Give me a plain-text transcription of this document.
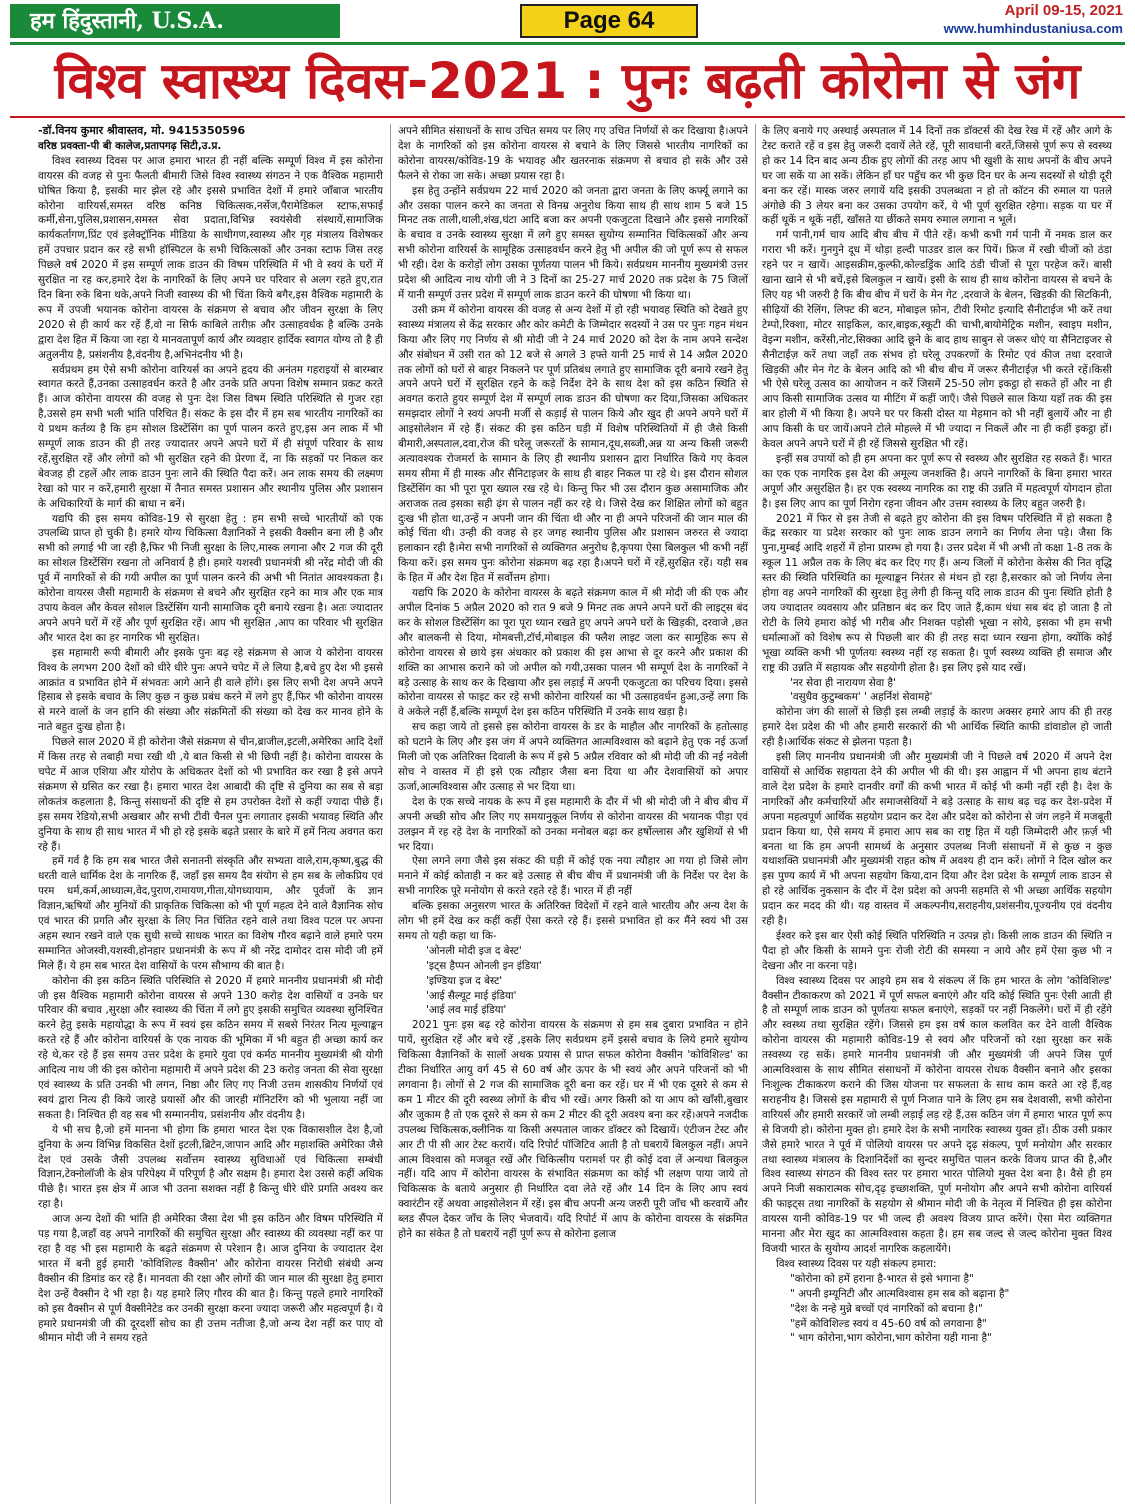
हम हिंदुस्तानी, U.S.A.	Page 64	April 09-15, 2021
www.humhindustaniusa.com
विश्व स्वास्थ्य दिवस-2021 : पुनः बढ़ती कोरोना से जंग

-डॉ.विनय कुमार श्रीवास्तव, मो. 9415350596

वरिष्ठ प्रवक्ता-पी बी कालेज,प्रतापगढ़ सिटी,उ.प्र.

विश्व स्वास्थ्य दिवस पर आज हमारा भारत ही नहीं बल्कि सम्पूर्ण विश्व में इस कोरोना वायरस की वजह से पुनः फैलती बीमारी जिसे विश्व स्वास्थ्य संगठन ने एक वैश्विक महामारी घोषित किया है, इसकी मार झेल रहे और इससे प्रभावित देशों में हमारे जाँबाज भारतीय कोरोना वारियर्स,समस्त वरिष्ठ कनिष्ठ चिकित्सक,नर्सेज,पैरामेडिकल स्टाफ,सफाई कर्मी,सेना,पुलिस,प्रशासन,समस्त सेवा प्रदाता,विभिन्न स्वयंसेवी संस्थायें,सामाजिक कार्यकर्तागण,प्रिंट एवं इलेक्ट्रॉनिक मीडिया के साथीगण,स्वास्थ्य और गृह मंत्रालय विशेषकर हमें उपचार प्रदान कर रहे सभी हॉस्पिटल के सभी चिकित्सकों और उनका स्टाफ जिस तरह पिछले वर्ष 2020 में इस सम्पूर्ण लाक डाउन की विषम परिस्थिति में भी वे स्वयं के घरों में सुरक्षित ना रह कर,हमारे देश के नागरिकों के लिए अपने घर परिवार से अलग रहते हुए,रात दिन बिना रुके बिना थके,अपने निजी स्वास्थ्य की भी चिंता किये बगैर,इस वैश्विक महामारी के रूप में उपजी भयानक कोरोना वायरस के संक्रमण से बचाव और जीवन सुरक्षा के लिए 2020 से ही कार्य कर रहें हैं,वो ना सिर्फ काबिले तारीफ़ और उत्साहवर्धक है बल्कि उनके द्वारा देश हित में किया जा रहा ये मानवतापूर्ण कार्य और व्यवहार हार्दिक स्वागत योग्य तो है ही अतुलनीय है, प्रसंशनीय है,वंदनीय है,अभिनंदनीय भी है।

सर्वप्रथम हम ऐसे सभी कोरोना वारियर्स का अपने हृदय की अनंतम गहराइयों से बारम्बार स्वागत करते हैं,उनका उत्साहवर्धन करते है और उनके प्रति अपना विशेष सम्मान प्रकट करते हैं। आज कोरोना वायरस की वजह से पुनः देश जिस विषम स्थिति परिस्थिति से गुजर रहा है,उससे हम सभी भली भांति परिचित हैं। संकट के इस दौर में हम सब भारतीय नागरिकों का ये प्रथम कर्तव्य है कि हम सोशल डिस्टेंसिंग का पूर्ण पालन करते हुए,इस अन लाक में भी सम्पूर्ण लाक डाउन की ही तरह ज्यादातर अपने अपने घरों में ही संपूर्ण परिवार के साथ रहें,सुरक्षित रहें और लोगों को भी सुरक्षित रहने की प्रेरणा दें, ना कि सड़कों पर निकल कर बेवजह ही टहलें और लाक डाउन पुनः लाने की स्थिति पैदा करें। अन लाक समय की लक्ष्मण रेखा को पार न करें,हमारी सुरक्षा में तैनात समस्त प्रशासन और स्थानीय पुलिस और प्रशासन के अधिकारियों के मार्ग की बाधा न बनें।

यद्यपि की इस समय कोविड-19 से सुरक्षा हेतु : हम सभी सच्चे भारतीयों को एक उपलब्धि प्राप्त हो चुकी है। हमारे योग्य चिकित्सा वैज्ञानिकों ने इसकी वैक्सीन बना ली है और सभी को लगाई भी जा रही है,फिर भी निजी सुरक्षा के लिए,मास्क लगाना और 2 गज की दूरी का सोशल डिस्टेंसिंग रखना तो अनिवार्य है ही। हमारे यशस्वी प्रधानमंत्री श्री नरेंद्र मोदी जी की पूर्व में नागरिकों से की गयी अपील का पूर्ण पालन करने की अभी भी नितांत आवश्यकता है। कोरोना वायरस जैसी महामारी के संक्रमण से बचने और सुरक्षित रहने का मात्र और एक मात्र उपाय केवल और केवल सोशल डिस्टेंसिंग यानी सामाजिक दूरी बनाये रखना है। अतः ज्यादातर अपने अपने घरों में रहें और पूर्ण सुरक्षित रहें। आप भी सुरक्षित ,आप का परिवार भी सुरक्षित और भारत देश का हर नागरिक भी सुरक्षित।

इस महामारी रूपी बीमारी और इसके पुनः बढ़ रहे संक्रमण से आज ये कोरोना वायरस विश्व के लगभग 200 देशों को धीरे धीरे पुनः अपने चपेट में ले लिया है,बचे हुए देश भी इससे आक्रांत व प्रभावित होने में संभवतः आगे आने ही वाले होंगे। इस लिए सभी देश अपने अपने हिसाब से इसके बचाव के लिए कुछ न कुछ प्रबंध करने में लगे हुए हैं,फिर भी कोरोना वायरस से मरने वालों के जन हानि की संख्या और संक्रमितों की संख्या को देख कर मानव होने के नाते बहुत दुःख होता है।

पिछले साल 2020 में ही कोरोना जैसे संक्रमण से चीन,ब्राजील,इटली,अमेरिका आदि देशों में किस तरह से तबाही मचा रखी थी ,ये बात किसी से भी छिपी नहीं है। कोरोना वायरस के चपेट में आज एशिया और योरोप के अधिकतर देशों को भी प्रभावित कर रखा है इसे अपने संक्रमण से ग्रसित कर रखा है। हमारा भारत देश आबादी की दृष्टि से दुनिया का सब से बड़ा लोकतंत्र कहलाता है, किन्तु संसाधनों की दृष्टि से हम उपरोक्त देशों से कहीं ज्यादा पीछे हैं। इस समय रेडियो,सभी अखबार और सभी टीवी चैनल पुनः लगातार इसकी भयावह स्थिति और दुनिया के साथ ही साथ भारत में भी हो रहे इसके बढ़ते प्रसार के बारे में हमें नित्य अवगत करा रहे हैं।

हमें गर्व है कि हम सब भारत जैसे सनातनी संस्कृति और सभ्यता वाले,राम,कृष्ण,बुद्ध की धरती वाले धार्मिक देश के नागरिक हैं, जहाँ इस समय दैव संयोग से हम सब के लोकप्रिय एवं परम धर्म,कर्म,आध्यात्म,वेद,पुराण,रामायण,गीता,योगध्यायाम, और पूर्वजों के ज्ञान विज्ञान,ऋषियों और मुनियों की प्राकृतिक चिकित्सा को भी पूर्ण महत्व देने वाले वैज्ञानिक सोच एवं भारत की प्रगति और सुरक्षा के लिए नित चिंतित रहने वाले तथा विश्व पटल पर अपना अहम स्थान रखने वाले एक सुधी सच्चे साधक भारत का विशेष गौरव बढ़ाने वाले हमारे परम सम्मानित ओजस्वी,यशस्वी,होनहार प्रधानमंत्री के रूप में श्री नरेंद्र दामोदर दास मोदी जी हमें मिले हैं। ये हम सब भारत देश वासियों के परम सौभाग्य की बात है।

कोरोना की इस कठिन स्थिति परिस्थिति से 2020 में हमारे माननीय प्रधानमंत्री श्री मोदी जी इस वैश्विक महामारी कोरोना वायरस से अपने 130 करोड़ देश वासियों व उनके घर परिवार की बचाव ,सुरक्षा और स्वास्थ्य की चिंता में लगे हुए इसकी समुचित व्यवस्था सुनिश्चित करने हेतु इसके महायोद्धा के रूप में स्वयं इस कठिन समय में सबसे निरंतर नित्य मूल्याङ्कन करते रहे हैं और कोरोना वारियर्स के एक नायक की भूमिका में भी बहुत ही अच्छा कार्य कर रहे थे,कर रहे हैं इस समय उत्तर प्रदेश के हमारे युवा एवं कर्मठ माननीय मुख्यमंत्री श्री योगी आदित्य नाथ जी की इस कोरोना महामारी में अपने प्रदेश की 23 करोड़ जनता की सेवा सुरक्षा एवं स्वास्थ्य के प्रति उनकी भी लगन, निष्ठा और लिए गए निजी उत्तम शासकीय निर्णयों एवं स्वयं द्वारा नित्य ही किये जारहे प्रयासों और की जारही मॉनिटरिंग को भी भुलाया नहीं जा सकता है। निश्चित ही वह सब भी सम्माननीय, प्रसंशनीय और वंदनीय है।

ये भी सच है,जो हमें मानना भी होगा कि हमारा भारत देश एक विकासशील देश है,जो दुनिया के अन्य विभिन्न विकसित देशों इटली,ब्रिटेन,जापान आदि और महाशक्ति अमेरिका जैसे देश एवं उसके जैसी उपलब्ध सर्वोत्तम स्वास्थ्य सुविधाओं एवं चिकित्सा सम्बंधी विज्ञान,टेक्नोलॉजी के क्षेत्र परिपेक्ष्य में परिपूर्ण है और सक्षम है। हमारा देश उससे कहीं अधिक पीछे है। भारत इस क्षेत्र में आज भी उतना सशक्त नहीं है किन्तु धीरे धीरे प्रगति अवश्य कर रहा है।

आज अन्य देशों की भांति ही अमेरिका जैसा देश भी इस कठिन और विषम परिस्थिति में पड़ गया है,जहाँ वह अपने नागरिकों की समुचित सुरक्षा और स्वास्थ्य की व्यवस्था नहीं कर पा रहा है वह भी इस महामारी के बढ़ते संक्रमण से परेशान है। आज दुनिया के ज्यादातर देश भारत में बनी हुई हमारी 'कोविशिल्ड वैक्सीन' और कोरोना वायरस निरोधी संबंधी अन्य वैक्सीन की डिमांड कर रहे हैं। मानवता की रक्षा और लोगों की जान माल की सुरक्षा हेतु हमारा देश उन्हें वैक्सीन दे भी रहा है। यह हमारे लिए गौरव की बात है। किन्तु पहले हमारे नागरिकों को इस वैक्सीन से पूर्ण वैक्सीनेटेड कर उनकी सुरक्षा करना ज्यादा जरूरी और महत्वपूर्ण है। ये हमारे प्रधानमंत्री जी की दूरदर्शी सोच का ही उत्तम नतीजा है,जो अन्य देश नहीं कर पाए वो श्रीमान मोदी जी ने समय रहते

अपने सीमित संसाधनों के साथ उचित समय पर लिए गए उचित निर्णयों से कर दिखाया है।अपने देश के नागरिकों को इस कोरोना वायरस से बचाने के लिए जिससे भारतीय नागरिकों का कोरोना वायरस/कोविड-19 के भयावह और खतरनाक संक्रमण से बचाव हो सके और उसे फैलने से रोका जा सके। अच्छा प्रयास रहा है।

इस हेतु उन्होंने सर्वप्रथम 22 मार्च 2020 को जनता द्वारा जनता के लिए कर्फ्यू लगाने का और उसका पालन करने का जनता से विनम्र अनुरोध किया साथ ही साथ शाम 5 बजे 15 मिनट तक ताली,थाली,शंख,घंटा आदि बजा कर अपनी एकजुटता दिखाने और इससे नागरिकों के बचाव व उनके स्वास्थ्य सुरक्षा में लगे हुए समस्त सुयोग्य सम्मानित चिकित्सकों और अन्य सभी कोरोना वारियर्स के सामूहिक उत्साहवर्धन करने हेतु भी अपील की जो पूर्ण रूप से सफल भी रही। देश के करोड़ों लोग उसका पूर्णतया पालन भी किये। सर्वप्रथम माननीय मुख्यमंत्री उत्तर प्रदेश श्री आदित्य नाथ योगी जी ने 3 दिनों का 25-27 मार्च 2020 तक प्रदेश के 75 जिलों में यानी सम्पूर्ण उत्तर प्रदेश में सम्पूर्ण लाक डाउन करने की घोषणा भी किया था।

उसी क्रम में कोरोना वायरस की वजह से अन्य देशों में हो रही भयावह स्थिति को देखते हुए स्वास्थ्य मंत्रालय से केंद्र सरकार और कोर कमेटी के जिम्मेदार सदस्यों ने उस पर पुनः गहन मंथन किया और लिए गए निर्णय से श्री मोदी जी ने 24 मार्च 2020 को देश के नाम अपने सन्देश और संबोधन में उसी रात को 12 बजे से अगले 3 हफ्ते यानी 25 मार्च से 14 अप्रैल 2020 तक लोगों को घरों से बाहर निकलने पर पूर्ण प्रतिबंध लगाते हुए सामाजिक दूरी बनाये रखने हेतु अपने अपने घरों में सुरक्षित रहने के कड़े निर्देश देने के साथ देश को इस कठिन स्थिति से अवगत कराते हुयर सम्पूर्ण देश में सम्पूर्ण लाक डाउन की घोषणा कर दिया,जिसका अधिकतर समझदार लोगों ने स्वयं अपनी मर्जी से कड़ाई से पालन किये और खुद ही अपने अपने घरों में आइसोलेशन में रहे हैं। संकट की इस कठिन घड़ी में विशेष परिस्थितियों में ही जैसे किसी बीमारी,अस्पताल,दवा,रोज की घरेलू जरूरतों के सामान,दूध,सब्जी,अन्न या अन्य किसी जरूरी अत्यावश्यक रोजमर्रा के सामान के लिए ही स्थानीय प्रशासन द्वारा निर्धारित किये गए केवल समय सीमा में ही मास्क और सैनिटाइजर के साथ ही बाहर निकल पा रहे थे। इस दौरान सोशल डिस्टेंसिंग का भी पूरा पूरा ख्याल रख रहे थे। किन्तु फिर भी उस दौरान कुछ असामाजिक और अराजक तत्व इसका सही ढ़ंग से पालन नहीं कर रहे थे। जिसे देख कर शिक्षित लोगों को बहुत दुःख भी होता था,उन्हें न अपनी जान की चिंता थी और ना ही अपने परिजनों की जान माल की कोई चिंता थी। उन्ही की वजह से हर जगह स्थानीय पुलिस और प्रशासन जरुरत से ज्यादा हलाकान रही है।मेरा सभी नागरिकों से व्यक्तिगत अनुरोध है,कृपया ऐसा बिलकुल भी कभी नहीं किया करें। इस समय पुनः कोरोना संक्रमण बढ़ रहा है।अपने घरों में रहें,सुरक्षित रहें। यही सब के हित में और देश हित में सर्वोत्तम होगा।

यद्यपि कि 2020 के कोरोना वायरस के बढ़ते संक्रमण काल में श्री मोदी जी की एक और अपील दिनांक 5 अप्रैल 2020 को रात 9 बजे 9 मिनट तक अपने अपने घरों की लाइट्स बंद कर के सोशल डिस्टेंसिंग का पूरा पूरा ध्यान रखते हुए अपने अपने घरों के खिड़की, दरवाजे ,छत और बालकनी से दिया, मोमबत्ती,टॉर्च,मोबाइल की फ्लैश लाइट जला कर सामूहिक रूप से कोरोना वायरस से छाये इस अंधकार को प्रकाश की इस आभा से दूर करने और प्रकाश की शक्ति का आभास कराने को जो अपील को गयी,उसका पालन भी सम्पूर्ण देश के नागरिकों ने बड़े उत्साह के साथ कर के दिखाया और इस लड़ाई में अपनी एकजुटता का परिचय दिया। इससे कोरोना वायरस से फाइट कर रहे सभी कोरोना वारियर्स का भी उत्साहवर्धन हुआ,उन्हें लगा कि वे अकेले नहीं हैं,बल्कि सम्पूर्ण देश इस कठिन परिस्थिति में उनके साथ खड़ा है।

सच कहा जाये तो इससे इस कोरोना वायरस के डर के माहौल और नागरिकों के हतोत्साह को घटाने के लिए और इस जंग में अपने व्यक्तिगत आत्मविश्वास को बढ़ाने हेतु एक नई ऊर्जा मिली जो एक अतिरिक्त दिवाली के रूप में इसे 5 अप्रैल रविवार को श्री मोदी जी की नई नवेली सोच ने वास्तव में ही इसे एक त्यौहार जैसा बना दिया था और देशवासियों को अपार ऊर्जा,आत्मविश्वास और उत्साह से भर दिया था।

देश के एक सच्चे नायक के रूप में इस महामारी के दौर में भी श्री मोदी जी ने बीच बीच में अपनी अच्छी सोच और लिए गए समयानुकूल निर्णय से कोरोना वायरस की भयानक पीड़ा एवं उलझन में रह रहे देश के नागरिकों को उनका मनोबल बढ़ा कर हर्षोल्लास और खुशियों से भी भर दिया।

ऐसा लगने लगा जैसे इस संकट की घड़ी में कोई एक नया त्यौहार आ गया हो जिसे लोग मनाने में कोई कोताही न कर बड़े उत्साह से बीच बीच में प्रधानमंत्री जी के निर्देश पर देश के सभी नागरिक पूरे मनोयोग से करते रहते रहे हैं। भारत में ही नहीं

बल्कि इसका अनुसरण भारत के अतिरिक्त विदेशों में रहने वाले भारतीय और अन्य देश के लोग भी हमें देख कर कहीं कहीं ऐसा करते रहे हैं। इससे प्रभावित हो कर मैंने स्वयं भी उस समय तो यही कहा था कि-

'ओनली मोदी इज द बेस्ट'

'इट्स हैप्पन ओनली इन इंडिया'

'इण्डिया इज द बेस्ट'

'आई सैल्यूट माई इंडिया'

'आई लव माई इंडिया'

2021 पुनः इस बढ़ रहे कोरोना वायरस के संक्रमण से हम सब दुबारा प्रभावित न होने पायें, सुरक्षित रहें और बचे रहें ,इसके लिए सर्वप्रथम हमें इससे बचाव के लिये हमारे सुयोग्य चिकित्सा वैज्ञानिकों के सालों अथक प्रयास से प्राप्त सफल कोरोना वैक्सीन 'कोविशिल्ड' का टीका निर्धारित आयु वर्ग 45 से 60 वर्ष और ऊपर के भी स्वयं और अपने परिजनों को भी लगवाना है। लोगों से 2 गज की सामाजिक दूरी बना कर रहें। घर में भी एक दूसरे से कम से कम 1 मीटर की दूरी स्वस्थ्य लोगों के बीच भी रखें। अगर किसी को या आप को खाँसी,बुखार और जुकाम है तो एक दूसरे से कम से कम 2 मीटर की दूरी अवश्य बना कर रहें।अपने नजदीक उपलब्ध चिकित्सक,क्लीनिक या किसी अस्पताल जाकर डॉक्टर को दिखायें। एंटीजन टेस्ट और आर टी पी सी आर टेस्ट करायें। यदि रिपोर्ट पॉजिटिव आती है तो घबरायें बिलकुल नहीं। अपने आत्म विश्वास को मजबूत रखें और चिकित्सीय परामर्श पर ही कोई दवा लें अन्यथा बिलकुल नहीं। यदि आप में कोरोना वायरस के संभावित संक्रमण का कोई भी लक्षण पाया जाये तो चिकित्सक के बताये अनुसार ही निर्धारित दवा लेते रहें और 14 दिन के लिए आप स्वयं क्वारंटीन रहें अथवा आइसोलेशन में रहें। इस बीच अपनी अन्य जरुरी पूरी जाँच भी करवायें और ब्लड सैंपल देकर जाँच के लिए भेजवायें। यदि रिपोर्ट में आप के कोरोना वायरस के संक्रमित होने का संकेत है तो घबरायें नहीं पूर्ण रूप से कोरोना इलाज

के लिए बनाये गए अस्थाई अस्पताल में 14 दिनों तक डॉक्टर्स की देख रेख में रहें और आगे के टेस्ट कराते रहें व इस हेतु जरूरी दवायें लेते रहें, पूरी सावधानी बरतें,जिससे पूर्ण रूप से स्वस्थ्य हो कर 14 दिन बाद अन्य ठीक हुए लोगों की तरह आप भी खुशी के साथ अपनों के बीच अपने घर जा सकें या आ सकें। लेकिन हाँ घर पहुँच कर भी कुछ दिन घर के अन्य सदस्यों से थोड़ी दूरी बना कर रहें। मास्क जरुर लगायें यदि इसकी उपलब्धता न हो तो कॉटन की रुमाल या पतले अंगोछे की 3 लेयर बना कर उसका उपयोग करें, ये भी पूर्ण सुरक्षित रहेगा। सड़क या घर में कहीं थूकें न थूकें नहीं, खाँसते या छींकते समय रुमाल लगाना न भूलें।

गर्म पानी,गर्म चाय आदि बीच बीच में पीते रहें। कभी कभी गर्म पानी में नमक डाल कर गरारा भी करें। गुनगुने दूध में थोड़ा हल्दी पाउडर डाल कर पियें। फ्रिज में रखी चीजों को ठंडा रहने पर न खायें। आइसक्रीम,कुल्फी,कोल्डड्रिंक आदि ठंडी चीजों से पूरा परहेज करें। बासी खाना खाने से भी बचें,इसे बिलकुल न खायें। इसी के साथ ही साथ कोरोना वायरस से बचने के लिए यह भी जरुरी है कि बीच बीच में घरों के मेन गेट ,दरवाजे के बेलन, खिड़की की सिटकिनी, सीढ़ियों की रेलिंग, लिफ्ट की बटन, मोबाइल फ़ोन, टीवी रिमोट इत्यादि सैनीटाईज भी करें तथा टेम्पो,रिक्शा, मोटर साइकिल, कार,बाइक,स्कूटी की चाभी,बायोमेट्रिक मशीन, स्वाइप मशीन, वेइन्ग मशीन, करेंसी,नोट,सिक्का आदि छूने के बाद हाथ साबुन से जरूर धोएं या सैनिटाइजर से सैनीटाईज़ करें तथा जहाँ तक संभव हो घरेलू उपकरणों के रिमोट एवं कीज तथा दरवाजे खिड़की और मेन गेट के बेलन आदि को भी बीच बीच में जरूर सैनीटाईज़ भी करते रहें।किसी भी ऐसे घरेलू उत्सव का आयोजन न करें जिसमें 25-50 लोग इकट्ठा हो सकते हों और ना ही आप किसी सामाजिक उत्सव या मीटिंग में कहीं जाएँ। जैसे पिछले साल किया यहाँ तक की इस बार होली में भी किया है। अपने घर पर किसी दोस्त या मेहमान को भी नहीं बुलायें और ना ही आप किसी के घर जायें।अपने टोले मोहल्ले में भी ज्यादा न निकलें और ना ही कहीं इकट्ठा हों। केवल अपने अपने घरों में ही रहें जिससे सुरक्षित भी रहें।

इन्हीं सब उपायों को ही हम अपना कर पूर्ण रूप से स्वस्थ्य और सुरक्षित रह सकते हैं। भारत का एक एक नागरिक इस देश की अमूल्य जनशक्ति है। अपने नागरिकों के बिना हमारा भारत अपूर्ण और असुरक्षित है। हर एक स्वस्थ्य नागरिक का राष्ट्र की उन्नति में महत्वपूर्ण योगदान होता है। इस लिए आप का पूर्ण निरोग रहना जीवन और उत्तम स्वास्थ्य के लिए बहुत जरुरी है।

2021 में फिर से इस तेजी से बढ़ते हुए कोरोना की इस विषम परिस्थिति में हो सकता है केंद्र सरकार या प्रदेश सरकार को पुनः लाक डाउन लगाने का निर्णय लेना पड़े। जैसा कि पुना,मुम्बई आदि शहरों में होना प्रारम्भ हो गया है। उत्तर प्रदेश में भी अभी तो कक्षा 1-8 तक के स्कूल 11 अप्रैल तक के लिए बंद कर दिए गए हैं। अन्य जिलों में कोरोना केसेस की नित वृद्धि स्तर की स्थिति परिस्थिति का मूल्याङ्कन निरंतर से मंथन हो रहा है,सरकार को जो निर्णय लेना होगा वह अपने नागरिकों की सुरक्षा हेतु लेगी ही किन्तु यदि लाक डाउन की पुनः स्थिति होती है जय ज्यादातर व्यवसाय और प्रतिष्ठान बंद कर दिए जाते हैं,काम धंधा सब बंद हो जाता है तो रोटी के लिये हमारा कोई भी गरीब और निशक्त पड़ोसी भूखा न सोये, इसका भी हम सभी धर्मात्माओं को विशेष रूप से पिछली बार की ही तरह सदा ध्यान रखना होगा, क्योंकि कोई भूखा व्यक्ति कभी भी पूर्णतयः स्वस्थ्य नहीं रह सकता है। पूर्ण स्वस्थ्य व्यक्ति ही समाज और राष्ट्र की उन्नति में सहायक और सहयोगी होता है। इस लिए इसे याद रखें।

'नर सेवा ही नारायण सेवा है'

'वसुधैव कुटुम्बकम' ' अहर्निशं सेवामहे'

कोरोना जंग की सालों से छिड़ी इस लम्बी लड़ाई के कारण अक्सर हमारे आप की ही तरह हमारे देश प्रदेश की भी और हमारी सरकारों की भी आर्थिक स्थिति काफी डांवाडोल हो जाती रही है।आर्थिक संकट से झेलना पड़ता है।

इसी लिए माननीय प्रधानमंत्री जी और मुख्यमंत्री जी ने पिछले वर्ष 2020 में अपने देश वासियों से आर्थिक सहायता देने की अपील भी की थी। इस आह्वान में भी अपना हाथ बंटाने वाले देश प्रदेश के हमारे दानवीर वर्गों की कभी भारत में कोई भी कमी नहीं रही है। देश के नागरिकों और कर्मचारियों और समाजसेवियों ने बड़े उत्साह के साथ बढ़ चढ़ कर देश-प्रदेश में अपना महत्वपूर्ण आर्थिक सहयोग प्रदान कर देश और प्रदेश को कोरोना से जंग लड़ने में मजबूती प्रदान किया था, ऐसे समय में हमारा आप सब का राष्ट्र हित में यही जिम्मेदारी और फ़र्ज़ भी बनता था कि हम अपनी सामर्थ्य के अनुसार उपलब्ध निजी संसाधनों में से कुछ न कुछ यथाशक्ति प्रधानमंत्री और मुख्यमंत्री राहत कोष में अवश्य ही दान करें। लोगों ने दिल खोल कर इस पुण्य कार्य में भी अपना सहयोग किया,दान दिया और देश प्रदेश के सम्पूर्ण लाक डाउन से हो रहे आर्थिक नुकसान के दौर में देश प्रदेश को अपनी सहमति से भी अच्छा आर्थिक सहयोग प्रदान कर मदद की थी। यह वास्तव में अकल्पनीय,सराहनीय,प्रशंसनीय,पूज्यनीय एवं वंदनीय रही है।

ईश्वर करे इस बार ऐसी कोई स्थिति परिस्थिति न उत्पन्न हो। किसी लाक डाउन की स्थिति न पैदा हो और किसी के सामने पुनः रोजी रोटी की समस्या न आये और हमें ऐसा कुछ भी न देखना और ना करना पड़े।

विश्व स्वास्थ्य दिवस पर आइये हम सब ये संकल्प लें कि हम भारत के लोग 'कोविशिल्ड' वैक्सीन टीकाकरण को 2021 में पूर्ण सफल बनाएंगे और यदि कोई स्थिति पुनः ऐसी आती ही है तो सम्पूर्ण लाक डाउन को पूर्णतयः सफल बनाएंगे, सड़कों पर नहीं निकलेंगे। घरों में ही रहेंगे और स्वस्थ्य तथा सुरक्षित रहेंगे। जिससे हम इस वर्ष काल कलवित कर देने वाली वैश्विक कोरोना वायरस की महामारी कोविड-19 से स्वयं और परिजनों को रक्षा सुरक्षा कर सकें तस्वस्थ्य रह सकें। हमारे माननीय प्रधानमंत्री जी और मुख्यमंत्री जी अपने जिस पूर्ण आत्मविश्वास के साथ सीमित संसाधनों में कोरोना वायरस रोधक वैक्सीन बनाने और इसका निःशुल्क टीकाकरण कराने की जिस योजना पर सफलता के साथ काम करते आ रहे हैं,वह सराहनीय है। जिससे इस महामारी से पूर्ण निजात पाने के लिए हम सब देशवासी, सभी कोरोना वारियर्स और हमारी सरकारें जो लम्बी लड़ाई लड़ रहे हैं,उस कठिन जंग में हमारा भारत पूर्ण रूप से विजयी हो। कोरोना मुक्त हो। हमारे देश के सभी नागरिक स्वास्थ्य युक्त हों। ठीक उसी प्रकार जैसे हमारे भारत ने पूर्व में पोलियो वायरस पर अपने दृढ़ संकल्प, पूर्ण मनोयोग और सरकार तथा स्वास्थ्य मंत्रालय के दिशानिर्देशों का सुन्दर समुचित पालन करके विजय प्राप्त की है,और विश्व स्वास्थ्य संगठन की विश्व स्तर पर हमारा भारत पोलियो मुक्त देश बना है। वैसे ही हम अपने निजी सकारात्मक सोच,दृढ़ इच्छाशक्ति, पूर्ण मनोयोग और अपने सभी कोरोना वारियर्स की फाइट्स तथा नागरिकों के सहयोग से श्रीमान मोदी जी के नेतृत्व में निश्चित ही इस कोरोना वायरस यानी कोविड-19 पर भी जल्द ही अवश्य विजय प्राप्त करेंगे। ऐसा मेरा व्यक्तिगत मानना और मेरा खुद का आत्मविश्वास कहता है। हम सब जल्द से जल्द कोरोना मुक्त विश्व विजयी भारत के सुयोग्य आदर्श नागरिक कहलायेंगे।

विश्व स्वास्थ्य दिवस पर यही संकल्प हमारा:

"कोरोना को हमें हराना है-भारत से इसे भगाना है"

" अपनी इम्यूनिटी और आत्मविश्वास हम सब को बढ़ाना है"

"देश के नन्हे मुन्ने बच्चों एवं नागरिकों को बचाना है।"

"हमें कोविशिल्ड स्वयं व 45-60 वर्ष को लगवाना है"

" भाग कोरोना,भाग कोरोना,भाग कोरोना यही गाना है"
